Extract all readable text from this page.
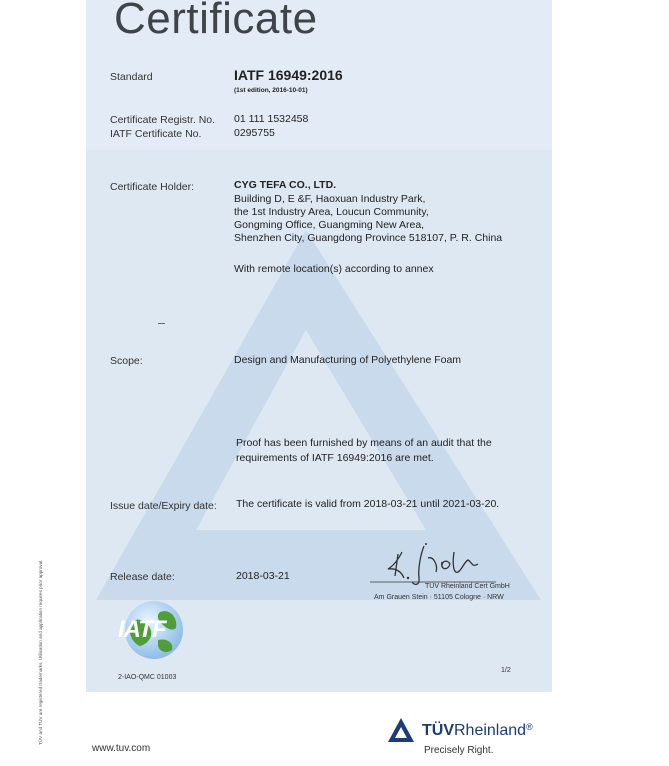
Certificate
Standard	IATF 16949:2016
(1st edition, 2016-10-01)
Certificate Registr. No. 01 111 1532458
IATF Certificate No.	0295755
Certificate Holder:	CYG TEFA CO., LTD.
Building D, E &F, Haoxuan Industry Park,
the 1st Industry Area, Loucun Community,
Gongming Office, Guangming New Area,
Shenzhen City, Guangdong Province 518107, P. R. China
With remote location(s) according to annex
Scope:	Design and Manufacturing of Polyethylene Foam
Proof has been furnished by means of an audit that the
requirements of IATF 16949:2016 are met.
Issue date/Expiry date: The certificate is valid from 2018-03-21 until 2021-03-20.
Release date:	2018-03-21
TÜV Rheinland Cert GmbH
Am Grauen Stein · 51105 Cologne · NRW
IATF
2-IAO-QMC 01003
1/2
TÜV and TUV are registered trademarks. Utilisation and application requires prior approval.
www.tuv.com
TÜVRheinland®
Precisely Right.
